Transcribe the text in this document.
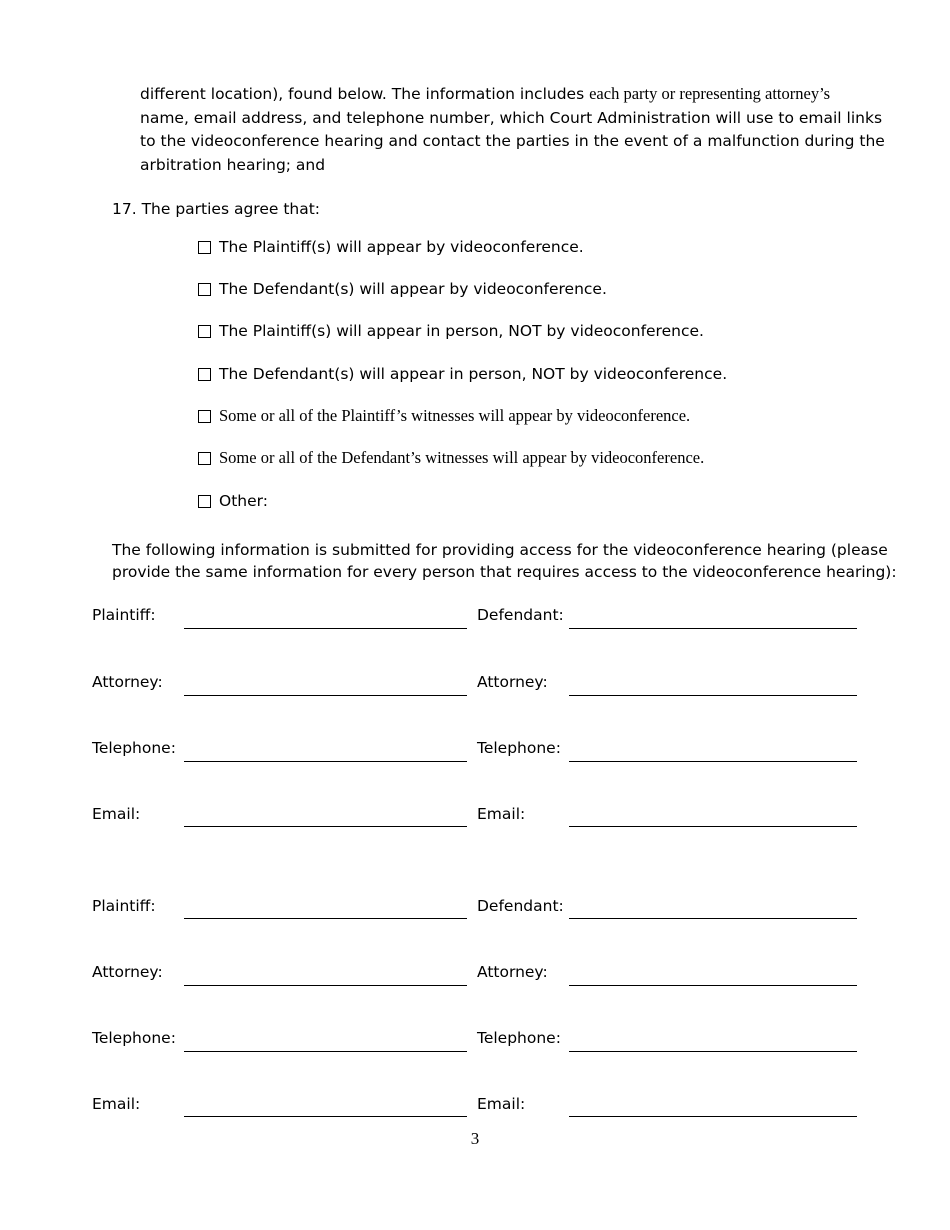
different location), found below. The information includes each party or representing attorney’s

name, email address, and telephone number, which Court Administration will use to email links

to the videoconference hearing and contact the parties in the event of a malfunction during the

arbitration hearing; and

17. The parties agree that:
The Plaintiff(s) will appear by videoconference.
The Defendant(s) will appear by videoconference.
The Plaintiff(s) will appear in person, NOT by videoconference.
The Defendant(s) will appear in person, NOT by videoconference.
Some or all of the Plaintiff’s witnesses will appear by videoconference.
Some or all of the Defendant’s witnesses will appear by videoconference.
Other:

The following information is submitted for providing access for the videoconference hearing (please

provide the same information for every person that requires access to the videoconference hearing):

Plaintiff:	Defendant:
Attorney:	Attorney:
Telephone:	Telephone:
Email:	Email:
Plaintiff:	Defendant:
Attorney:	Attorney:
Telephone:	Telephone:
Email:	Email:
3
